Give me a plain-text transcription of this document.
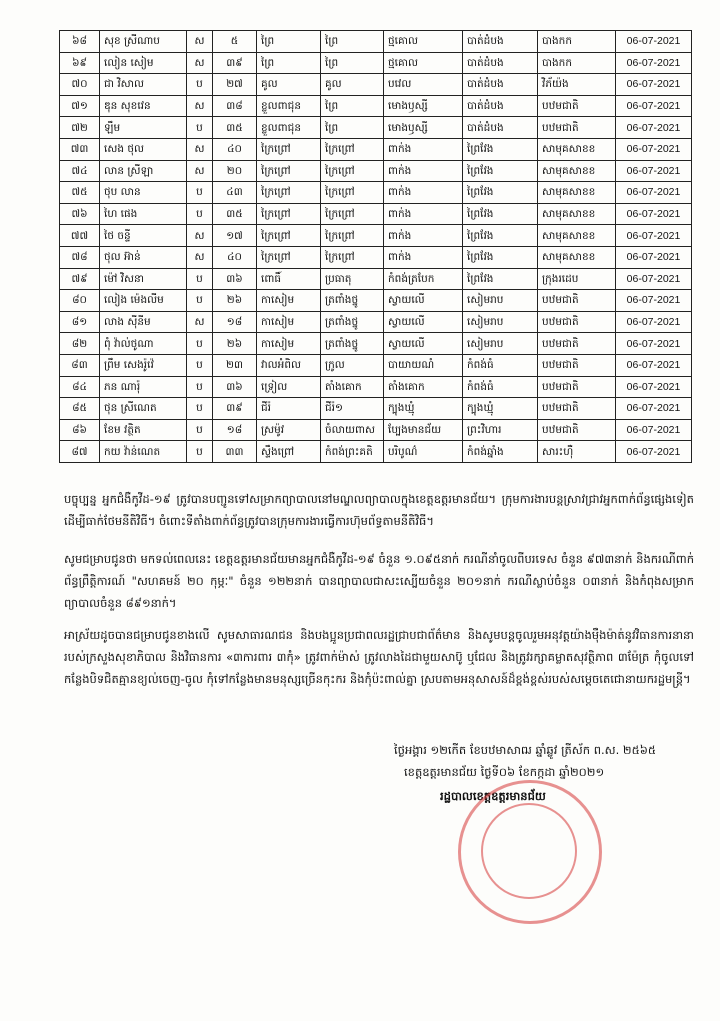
៦៨	សុខ ស្រីណាប	ស	៥	ព្រៃ	ព្រៃ	ថ្មគោល	បាត់ដំបង	បាងកក	06-07-2021
៦៩	លៀន សៀម	ស	៣៩	ព្រៃ	ព្រៃ	ថ្មគោល	បាត់ដំបង	បាងកក	06-07-2021
៧០	ជា វិសាល	ប	២៧	គូល	គូល	បវេល	បាត់ដំបង	វិភ័យ៉ង	06-07-2021
៧១	ឌុន សុខវេន	ស	៣៨	ខ្លួលពាជុន	ព្រៃ	មោងឫស្សី	បាត់ដំបង	បឋមជាតិ	06-07-2021
៧២	ឡឹម	ប	៣៥	ខ្លួលពាជុន	ព្រៃ	មោងឫស្សី	បាត់ដំបង	បឋមជាតិ	06-07-2021
៧៣	សេង ថុល	ស	៤០	ក្រៃព្រៅ	ក្រៃព្រៅ	ពាក់ង	ព្រៃវែង	សាមុគសាខខ	06-07-2021
៧៤	លាន ស្រីឡា	ស	២០	ក្រៃព្រៅ	ក្រៃព្រៅ	ពាក់ង	ព្រៃវែង	សាមុគសាខខ	06-07-2021
៧៥	ថុប លាន	ប	៤៣	ក្រៃព្រៅ	ក្រៃព្រៅ	ពាក់ង	ព្រៃវែង	សាមុគសាខខ	06-07-2021
៧៦	ហៃ ផេង	ប	៣៥	ក្រៃព្រៅ	ក្រៃព្រៅ	ពាក់ង	ព្រៃវែង	សាមុគសាខខ	06-07-2021
៧៧	ថៃ ចន្ទី	ស	១៧	ក្រៃព្រៅ	ក្រៃព្រៅ	ពាក់ង	ព្រៃវែង	សាមុគសាខខ	06-07-2021
៧៨	ថុល អ៊ាន់	ស	៤០	ក្រៃព្រៅ	ក្រៃព្រៅ	ពាក់ង	ព្រៃវែង	សាមុគសាខខ	06-07-2021
៧៩	ម៉ៅ វិសនា	ប	៣៦	ពោធិ៍	ប្រធាតុ	កំពង់ត្របែក	ព្រៃវែង	ក្រុងរដេប	06-07-2021
៨០	លៀង ម៉េងលីម	ប	២៦	កាសៀម	ត្រពាំងថ្នូ	ស្វាយលើ	សៀមរាប	បឋមជាតិ	06-07-2021
៨១	លាង ស៊ីនីម	ស	១៨	កាសៀម	ត្រពាំងថ្នូ	ស្វាយលើ	សៀមរាប	បឋមជាតិ	06-07-2021
៨២	ពុំ វ៉ាល់ថូណា	ប	២៦	កាសៀម	ត្រពាំងថ្នូ	ស្វាយលើ	សៀមរាប	បឋមជាតិ	06-07-2021
៨៣	ព្រឹម សេងរ៉ូវ៉េ	ប	២៣	វាលអំពិល	ក្រូល	បាយាយណំ	កំពង់ធំ	បឋមជាតិ	06-07-2021
៨៤	ភន ណារ៉ុ	ប	៣៦	ទ្រៀល	តាំងគោក	តាំងគោក	កំពង់ធំ	បឋមជាតិ	06-07-2021
៨៥	ថុន ស្រីណេត	ប	៣៩	ជីរ៉	ជីរ៉១	ក្បុងឃ្មុំ	ក្បុងឃ្មុំ	បឋមជាតិ	06-07-2021
៨៦	ខែម វត្ថិត	ប	១៨	ស្រម៉ូវ	ចំលាយពាស	ប្បែងមានជ័យ	ព្រះវិហារ	បឋមជាតិ	06-07-2021
៨៧	កយ វ៉ាន់ណេត	ប	៣៣	ស្ទឹងព្រៅ	កំពង់ព្រះគតិ	បរិបូណ៌	កំពង់ឆ្នាំង	សារះហ៊ឺ	06-07-2021
បច្ចុប្បន្ន អ្នកជំងឺកូវីដ-១៩ ត្រូវបានបញ្ជូនទៅសម្រាកព្យាបាលនៅមណ្ឌលព្យាបាលក្នុងខេត្តឧត្តរមានជ័យ។ ក្រុមការងារបន្តស្រាវជ្រាវអ្នកពាក់ព័ន្ធផ្សេងទៀតដើម្បីធាក់ថែមនីតិវិធី។ ចំពោះទីតាំងពាក់ព័ន្ធត្រូវបានក្រុមការងារធ្វើការហ៊ុមព័ទ្ធតាមនីតិវិធី។
សូមជម្រាបជូនថា មកទល់ពេលនេះ ខេត្តឧត្តរមានជ័យមានអ្នកជំងឺកូវីដ-១៩ ចំនួន ១.០៩៥នាក់ ករណីនាំចូលពីបរទេស ចំនួន ៩៧៣នាក់ និងករណីពាក់ព័ន្ធព្រឹត្តិការណ៍ "សហគមន៍ ២០ កុម្ភៈ" ចំនួន ១២២នាក់ បានព្យាបាលជាសះស្បើយចំនួន ២០១នាក់ ករណីស្លាប់ចំនួន ០៣នាក់ និងកំពុងសម្រាកព្យាបាលចំនួន ៨៩១នាក់។
អាស្រ័យដូចបានជម្រាបជូនខាងលើ សូមសាធារណជន និងបងប្អូនប្រជាពលរដ្ឋជ្រាបជាព័ត៌មាន និងសូមបន្តចូលរួមអនុវត្តយ៉ាងម៉ឺងម៉ាត់នូវវិធានការនានារបស់ក្រសួងសុខាភិបាល និងវិធានការ «៣ការពារ ៣កុំ» ត្រូវពាក់ម៉ាស់ ត្រូវលាងដៃជាមួយសាប៊ូ ឬជែល និងត្រូវរក្សាគម្លាតសុវត្ថិភាព ៣ម៉ែត្រ កុំចូលទៅកន្លែងបិទជិតគ្មានខ្យល់ចេញ-ចូល កុំទៅកន្លែងមានមនុស្សច្រើនកុះករ និងកុំប៉ះពាល់គ្នា ស្របតាមអនុសាសន៍ដ៏ខ្ពង់ខ្ពស់របស់សម្តេចតេជោនាយករដ្ឋមន្ត្រី។
ថ្ងៃអង្គារ ១២កើត ខែបឋមាសាឍ ឆ្នាំឆ្លូវ ត្រីស័ក ព.ស. ២៥៦៥
ខេត្តឧត្តរមានជ័យ ថ្ងៃទី០៦ ខែកក្កដា ឆ្នាំ២០២១
រដ្ឋបាលខេត្តឧត្តរមានជ័យ
